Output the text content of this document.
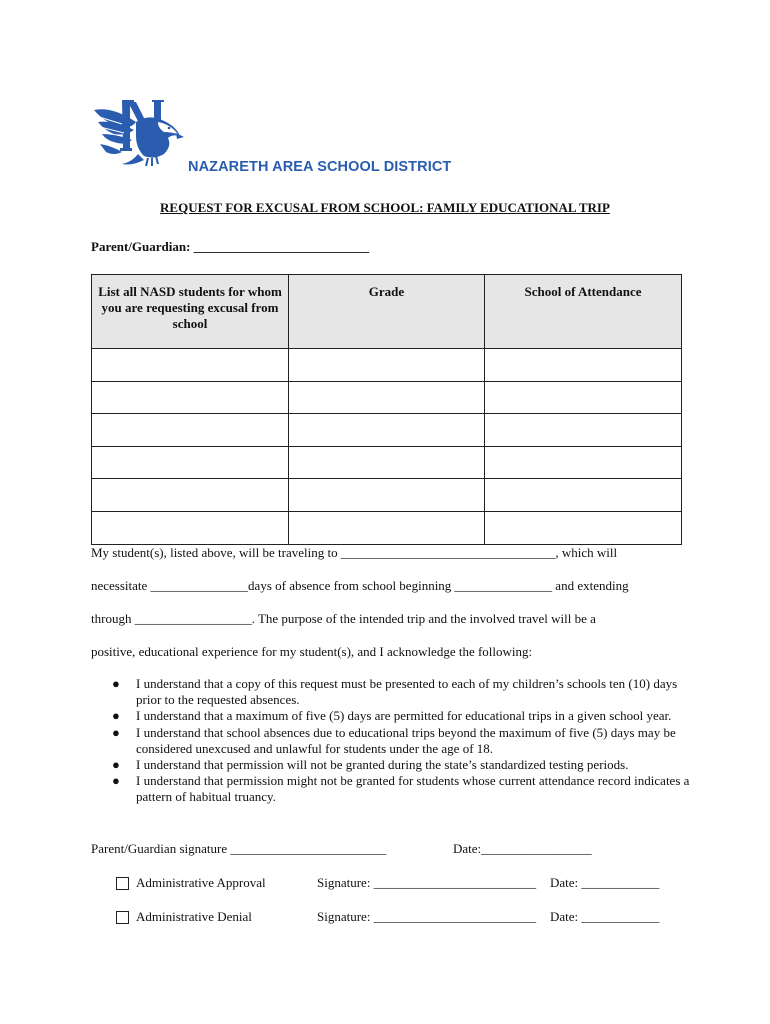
NAZARETH AREA SCHOOL DISTRICT
REQUEST FOR EXCUSAL FROM SCHOOL: FAMILY EDUCATIONAL TRIP
Parent/Guardian: ___________________________
List all NASD students for whom you are requesting excusal from school	Grade	School of Attendance

My student(s), listed above, will be traveling to _________________________________, which will
necessitate _______________days of absence from school beginning _______________ and extending
through __________________. The purpose of the intended trip and the involved travel will be a
positive, educational experience for my student(s), and I acknowledge the following:
● I understand that a copy of this request must be presented to each of my children’s schools ten (10) days prior to the requested absences.
● I understand that a maximum of five (5) days are permitted for educational trips in a given school year.
● I understand that school absences due to educational trips beyond the maximum of five (5) days may be considered unexcused and unlawful for students under the age of 18.
● I understand that permission will not be granted during the state’s standardized testing periods.
● I understand that permission might not be granted for students whose current attendance record indicates a pattern of habitual truancy.
Parent/Guardian signature ________________________	Date:_________________
Administrative Approval	Signature: _________________________ Date: ____________
Administrative Denial	Signature: _________________________ Date: ____________
